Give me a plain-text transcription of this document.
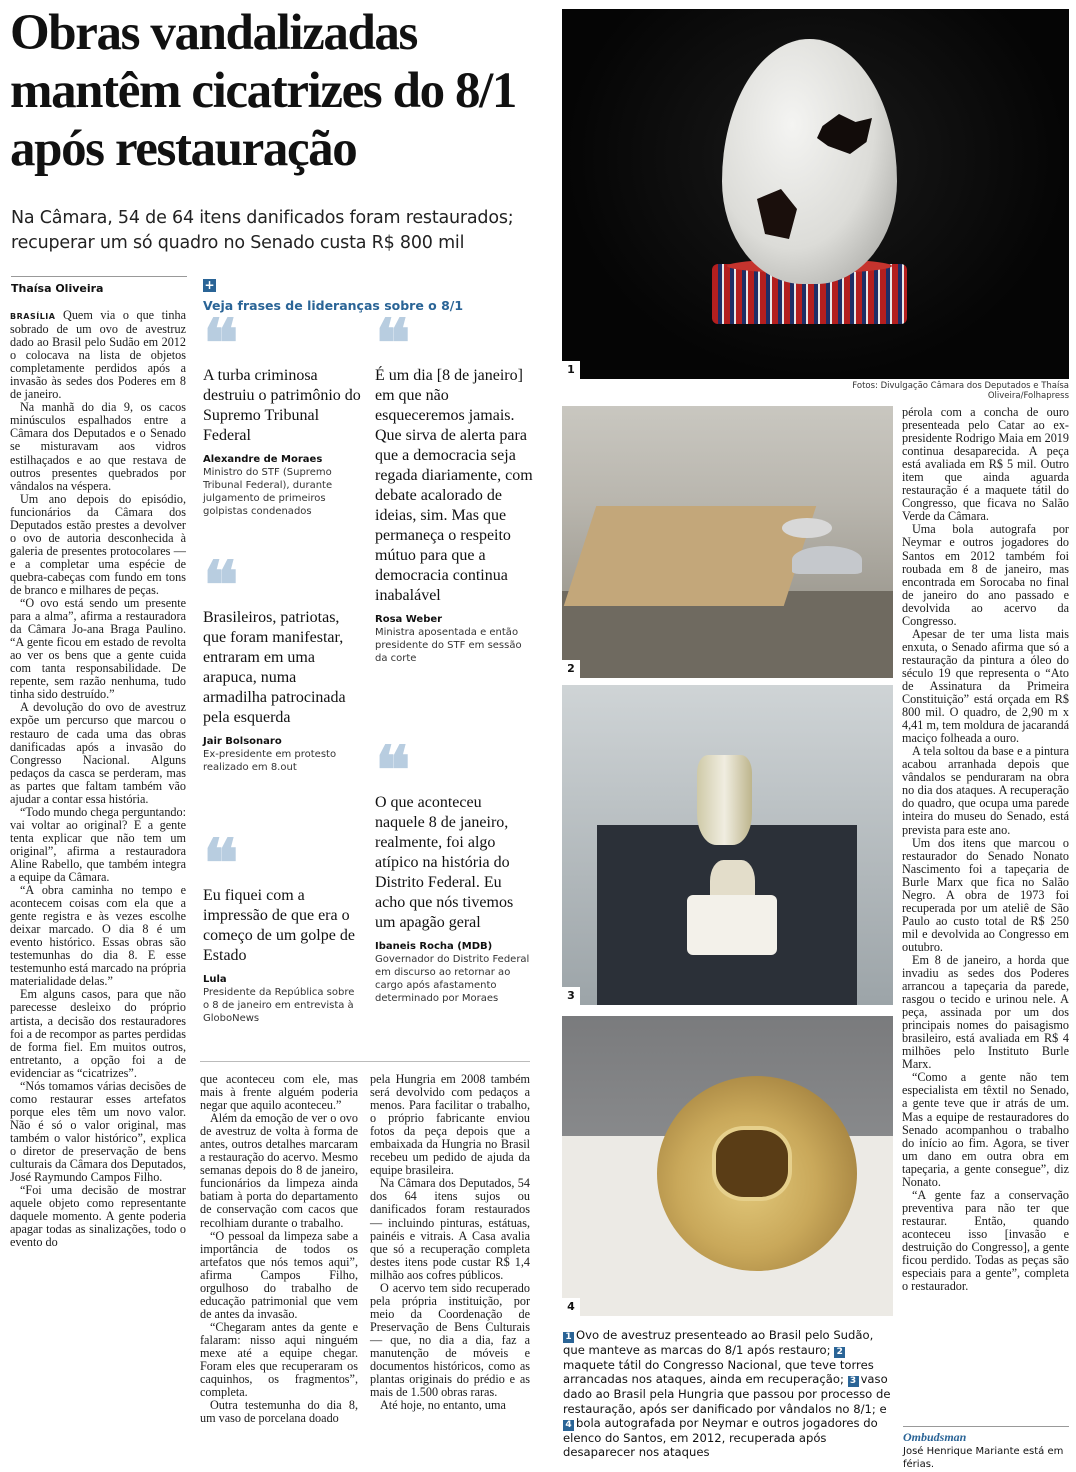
Obras vandalizadas mantêm cicatrizes do 8/1 após restauração
Na Câmara, 54 de 64 itens danificados foram restaurados; recuperar um só quadro no Senado custa R$ 800 mil
Thaísa Oliveira

BRASÍLIA Quem via o que tinha sobrado de um ovo de avestruz dado ao Brasil pelo Sudão em 2012 o colocava na lista de objetos completamente perdidos após a invasão às sedes dos Poderes em 8 de janeiro.

Na manhã do dia 9, os cacos minúsculos espalhados entre a Câmara dos Deputados e o Senado se misturavam aos vidros estilhaçados e ao que restava de outros presentes quebrados por vândalos na véspera.

Um ano depois do episódio, funcionários da Câmara dos Deputados estão prestes a devolver o ovo de autoria desconhecida à galeria de presentes protocolares — e a completar uma espécie de quebra-cabeças com fundo em tons de branco e milhares de peças.

“O ovo está sendo um presente para a alma”, afirma a restauradora da Câmara Jo-ana Braga Paulino. “A gente ficou em estado de revolta ao ver os bens que a gente cuida com tanta responsabilidade. De repente, sem razão nenhuma, tudo tinha sido destruído.”

A devolução do ovo de avestruz expõe um percurso que marcou o restauro de cada uma das obras danificadas após a invasão do Congresso Nacional. Alguns pedaços da casca se perderam, mas as partes que faltam também vão ajudar a contar essa história.

“Todo mundo chega perguntando: vai voltar ao original? E a gente tenta explicar que não tem um original”, afirma a restauradora Aline Rabello, que também integra a equipe da Câmara.

“A obra caminha no tempo e acontecem coisas com ela que a gente registra e às vezes escolhe deixar marcado. O dia 8 é um evento histórico. Essas obras são testemunhas do dia 8. E esse testemunho está marcado na própria materialidade delas.”

Em alguns casos, para que não parecesse desleixo do próprio artista, a decisão dos restauradores foi a de recompor as partes perdidas de forma fiel. Em muitos outros, entretanto, a opção foi a de evidenciar as “cicatrizes”.

“Nós tomamos várias decisões de como restaurar esses artefatos porque eles têm um novo valor. Não é só o valor original, mas também o valor histórico”, explica o diretor de preservação de bens culturais da Câmara dos Deputados, José Raymundo Campos Filho.

“Foi uma decisão de mostrar aquele objeto como representante daquele momento. A gente poderia apagar todas as sinalizações, todo o evento do

+
Veja frases de lideranças sobre o 8/1
❝
A turba criminosa destruiu o patrimônio do Supremo Tribunal Federal
Alexandre de Moraes
Ministro do STF (Supremo Tribunal Federal), durante julgamento de primeiros golpistas condenados
❝
Brasileiros, patriotas, que foram manifestar, entraram em uma arapuca, numa armadilha patrocinada pela esquerda
Jair Bolsonaro
Ex-presidente em protesto realizado em 8.out
❝
Eu fiquei com a impressão de que era o começo de um golpe de Estado
Lula
Presidente da República sobre o 8 de janeiro em entrevista à GloboNews
❝
É um dia [8 de janeiro] em que não esqueceremos jamais. Que sirva de alerta para que a democracia seja regada diariamente, com debate acalorado de ideias, sim. Mas que permaneça o respeito mútuo para que a democracia continua inabalável
Rosa Weber
Ministra aposentada e então presidente do STF em sessão da corte
❝
O que aconteceu naquele 8 de janeiro, realmente, foi algo atípico na história do Distrito Federal. Eu acho que nós tivemos um apagão geral
Ibaneis Rocha (MDB)
Governador do Distrito Federal em discurso ao retornar ao cargo após afastamento determinado por Moraes

que aconteceu com ele, mas mais à frente alguém poderia negar que aquilo aconteceu.”

Além da emoção de ver o ovo de avestruz de volta à forma de antes, outros detalhes marcaram a restauração do acervo. Mesmo semanas depois do 8 de janeiro, funcionários da limpeza ainda batiam à porta do departamento de conservação com cacos que recolhiam durante o trabalho.

“O pessoal da limpeza sabe a importância de todos os artefatos que nós temos aqui”, afirma Campos Filho, orgulhoso do trabalho de educação patrimonial que vem de antes da invasão.

“Chegaram antes da gente e falaram: nisso aqui ninguém mexe até a equipe chegar. Foram eles que recuperaram os caquinhos, os fragmentos”, completa.

Outra testemunha do dia 8, um vaso de porcelana doado

pela Hungria em 2008 também será devolvido com pedaços a menos. Para facilitar o trabalho, o próprio fabricante enviou fotos da peça depois que a embaixada da Hungria no Brasil recebeu um pedido de ajuda da equipe brasileira.

Na Câmara dos Deputados, 54 dos 64 itens sujos ou danificados foram restaurados — incluindo pinturas, estátuas, painéis e vitrais. A Casa avalia que só a recuperação completa destes itens pode custar R$ 1,4 milhão aos cofres públicos.

O acervo tem sido recuperado pela própria instituição, por meio da Coordenação de Preservação de Bens Culturais — que, no dia a dia, faz a manutenção de móveis e documentos históricos, como as plantas originais do prédio e as mais de 1.500 obras raras.

Até hoje, no entanto, uma

1
Fotos: Divulgação Câmara dos Deputados e Thaísa Oliveira/Folhapress
2
3
4
1 Ovo de avestruz presenteado ao Brasil pelo Sudão, que manteve as marcas do 8/1 após restauro; 2maquete tátil do Congresso Nacional, que teve torres arrancadas nos ataques, ainda em recuperação; 3 vaso dado ao Brasil pela Hungria que passou por processo de restauração, após ser danificado por vândalos no 8/1; e 4 bola autografada por Neymar e outros jogadores do elenco do Santos, em 2012, recuperada após desaparecer nos ataques

pérola com a concha de ouro presenteada pelo Catar ao ex-presidente Rodrigo Maia em 2019 continua desaparecida. A peça está avaliada em R$ 5 mil. Outro item que ainda aguarda restauração é a maquete tátil do Congresso, que ficava no Salão Verde da Câmara.

Uma bola autografa por Neymar e outros jogadores do Santos em 2012 também foi roubada em 8 de janeiro, mas encontrada em Sorocaba no final de janeiro do ano passado e devolvida ao acervo da Congresso.

Apesar de ter uma lista mais enxuta, o Senado afirma que só a restauração da pintura a óleo do século 19 que representa o “Ato de Assinatura da Primeira Constituição” está orçada em R$ 800 mil. O quadro, de 2,90 m x 4,41 m, tem moldura de jacarandá maciço folheada a ouro.

A tela soltou da base e a pintura acabou arranhada depois que vândalos se penduraram na obra no dia dos ataques. A recuperação do quadro, que ocupa uma parede inteira do museu do Senado, está prevista para este ano.

Um dos itens que marcou o restaurador do Senado Nonato Nascimento foi a tapeçaria de Burle Marx que fica no Salão Negro. A obra de 1973 foi recuperada por um ateliê de São Paulo ao custo total de R$ 250 mil e devolvida ao Congresso em outubro.

Em 8 de janeiro, a horda que invadiu as sedes dos Poderes arrancou a tapeçaria da parede, rasgou o tecido e urinou nele. A peça, assinada por um dos principais nomes do paisagismo brasileiro, está avaliada em R$ 4 milhões pelo Instituto Burle Marx.

“Como a gente não tem especialista em têxtil no Senado, a gente teve que ir atrás de um. Mas a equipe de restauradores do Senado acompanhou o trabalho do início ao fim. Agora, se tiver um dano em outra obra em tapeçaria, a gente consegue”, diz Nonato.

“A gente faz a conservação preventiva para não ter que restaurar. Então, quando aconteceu isso [invasão e destruição do Congresso], a gente ficou perdido. Todas as peças são especiais para a gente”, completa o restaurador.

Ombudsman
José Henrique Mariante está em férias.
